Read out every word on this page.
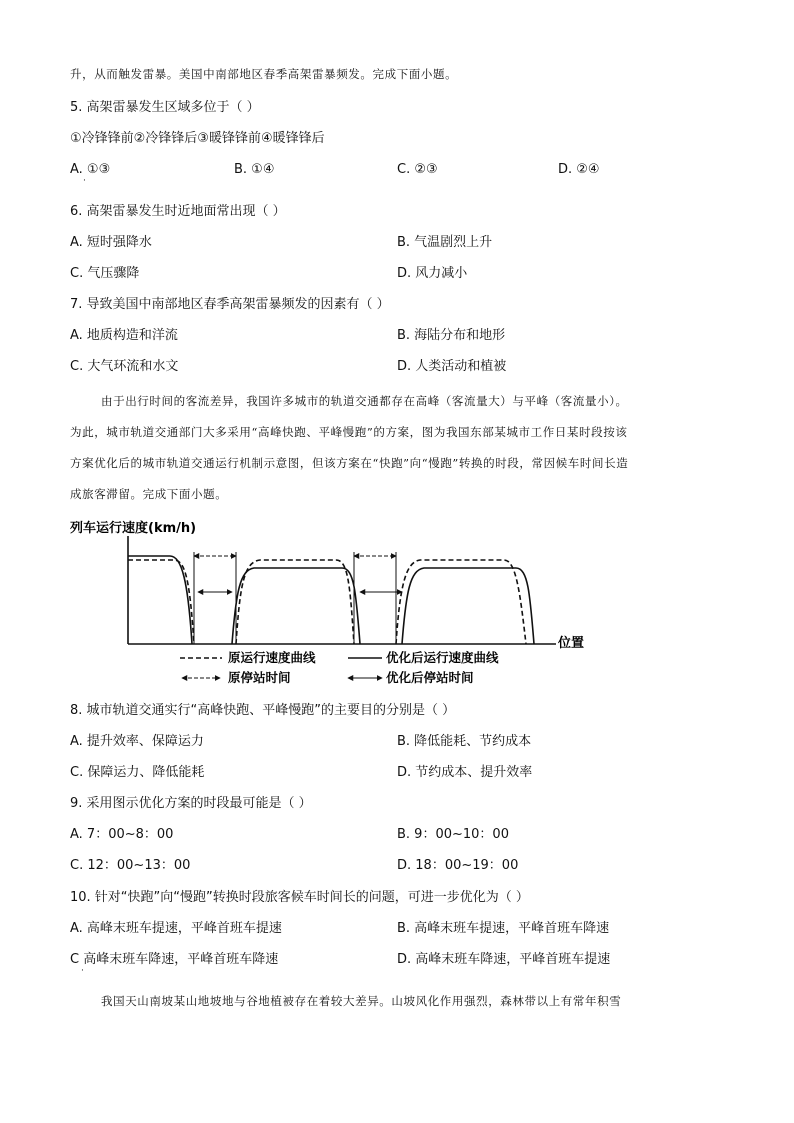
升，从而触发雷暴。美国中南部地区春季高架雷暴频发。完成下面小题。
5. 高架雷暴发生区域多位于（ ）
①冷锋锋前②冷锋锋后③暖锋锋前④暖锋锋后
A. ①③
·
B. ①④	C. ②③	D. ②④
6. 高架雷暴发生时近地面常出现（ ）
A. 短时强降水	B. 气温剧烈上升
C. 气压骤降	D. 风力减小
7. 导致美国中南部地区春季高架雷暴频发的因素有（ ）
A. 地质构造和洋流	B. 海陆分布和地形
C. 大气环流和水文	D. 人类活动和植被
由于出行时间的客流差异，我国许多城市的轨道交通都存在高峰（客流量大）与平峰（客流量小）。
为此，城市轨道交通部门大多采用“高峰快跑、平峰慢跑”的方案，图为我国东部某城市工作日某时段按该
方案优化后的城市轨道交通运行机制示意图，但该方案在“快跑”向“慢跑”转换的时段，常因候车时间长造
成旅客滞留。完成下面小题。
列车运行速度(km/h)
位置
原运行速度曲线	优化后运行速度曲线
原停站时间	优化后停站时间
8. 城市轨道交通实行“高峰快跑、平峰慢跑”的主要目的分别是（ ）
A. 提升效率、保障运力	B. 降低能耗、节约成本
C. 保障运力、降低能耗	D. 节约成本、提升效率
9. 采用图示优化方案的时段最可能是（ ）
A. 7：00~8：00	B. 9：00~10：00
C. 12：00~13：00	D. 18：00~19：00
10. 针对“快跑”向“慢跑”转换时段旅客候车时间长的问题，可进一步优化为（ ）
A. 高峰末班车提速，平峰首班车提速	B. 高峰末班车提速，平峰首班车降速
C 高峰末班车降速，平峰首班车降速	D. 高峰末班车降速，平峰首班车提速
·
我国天山南坡某山地坡地与谷地植被存在着较大差异。山坡风化作用强烈，森林带以上有常年积雪
